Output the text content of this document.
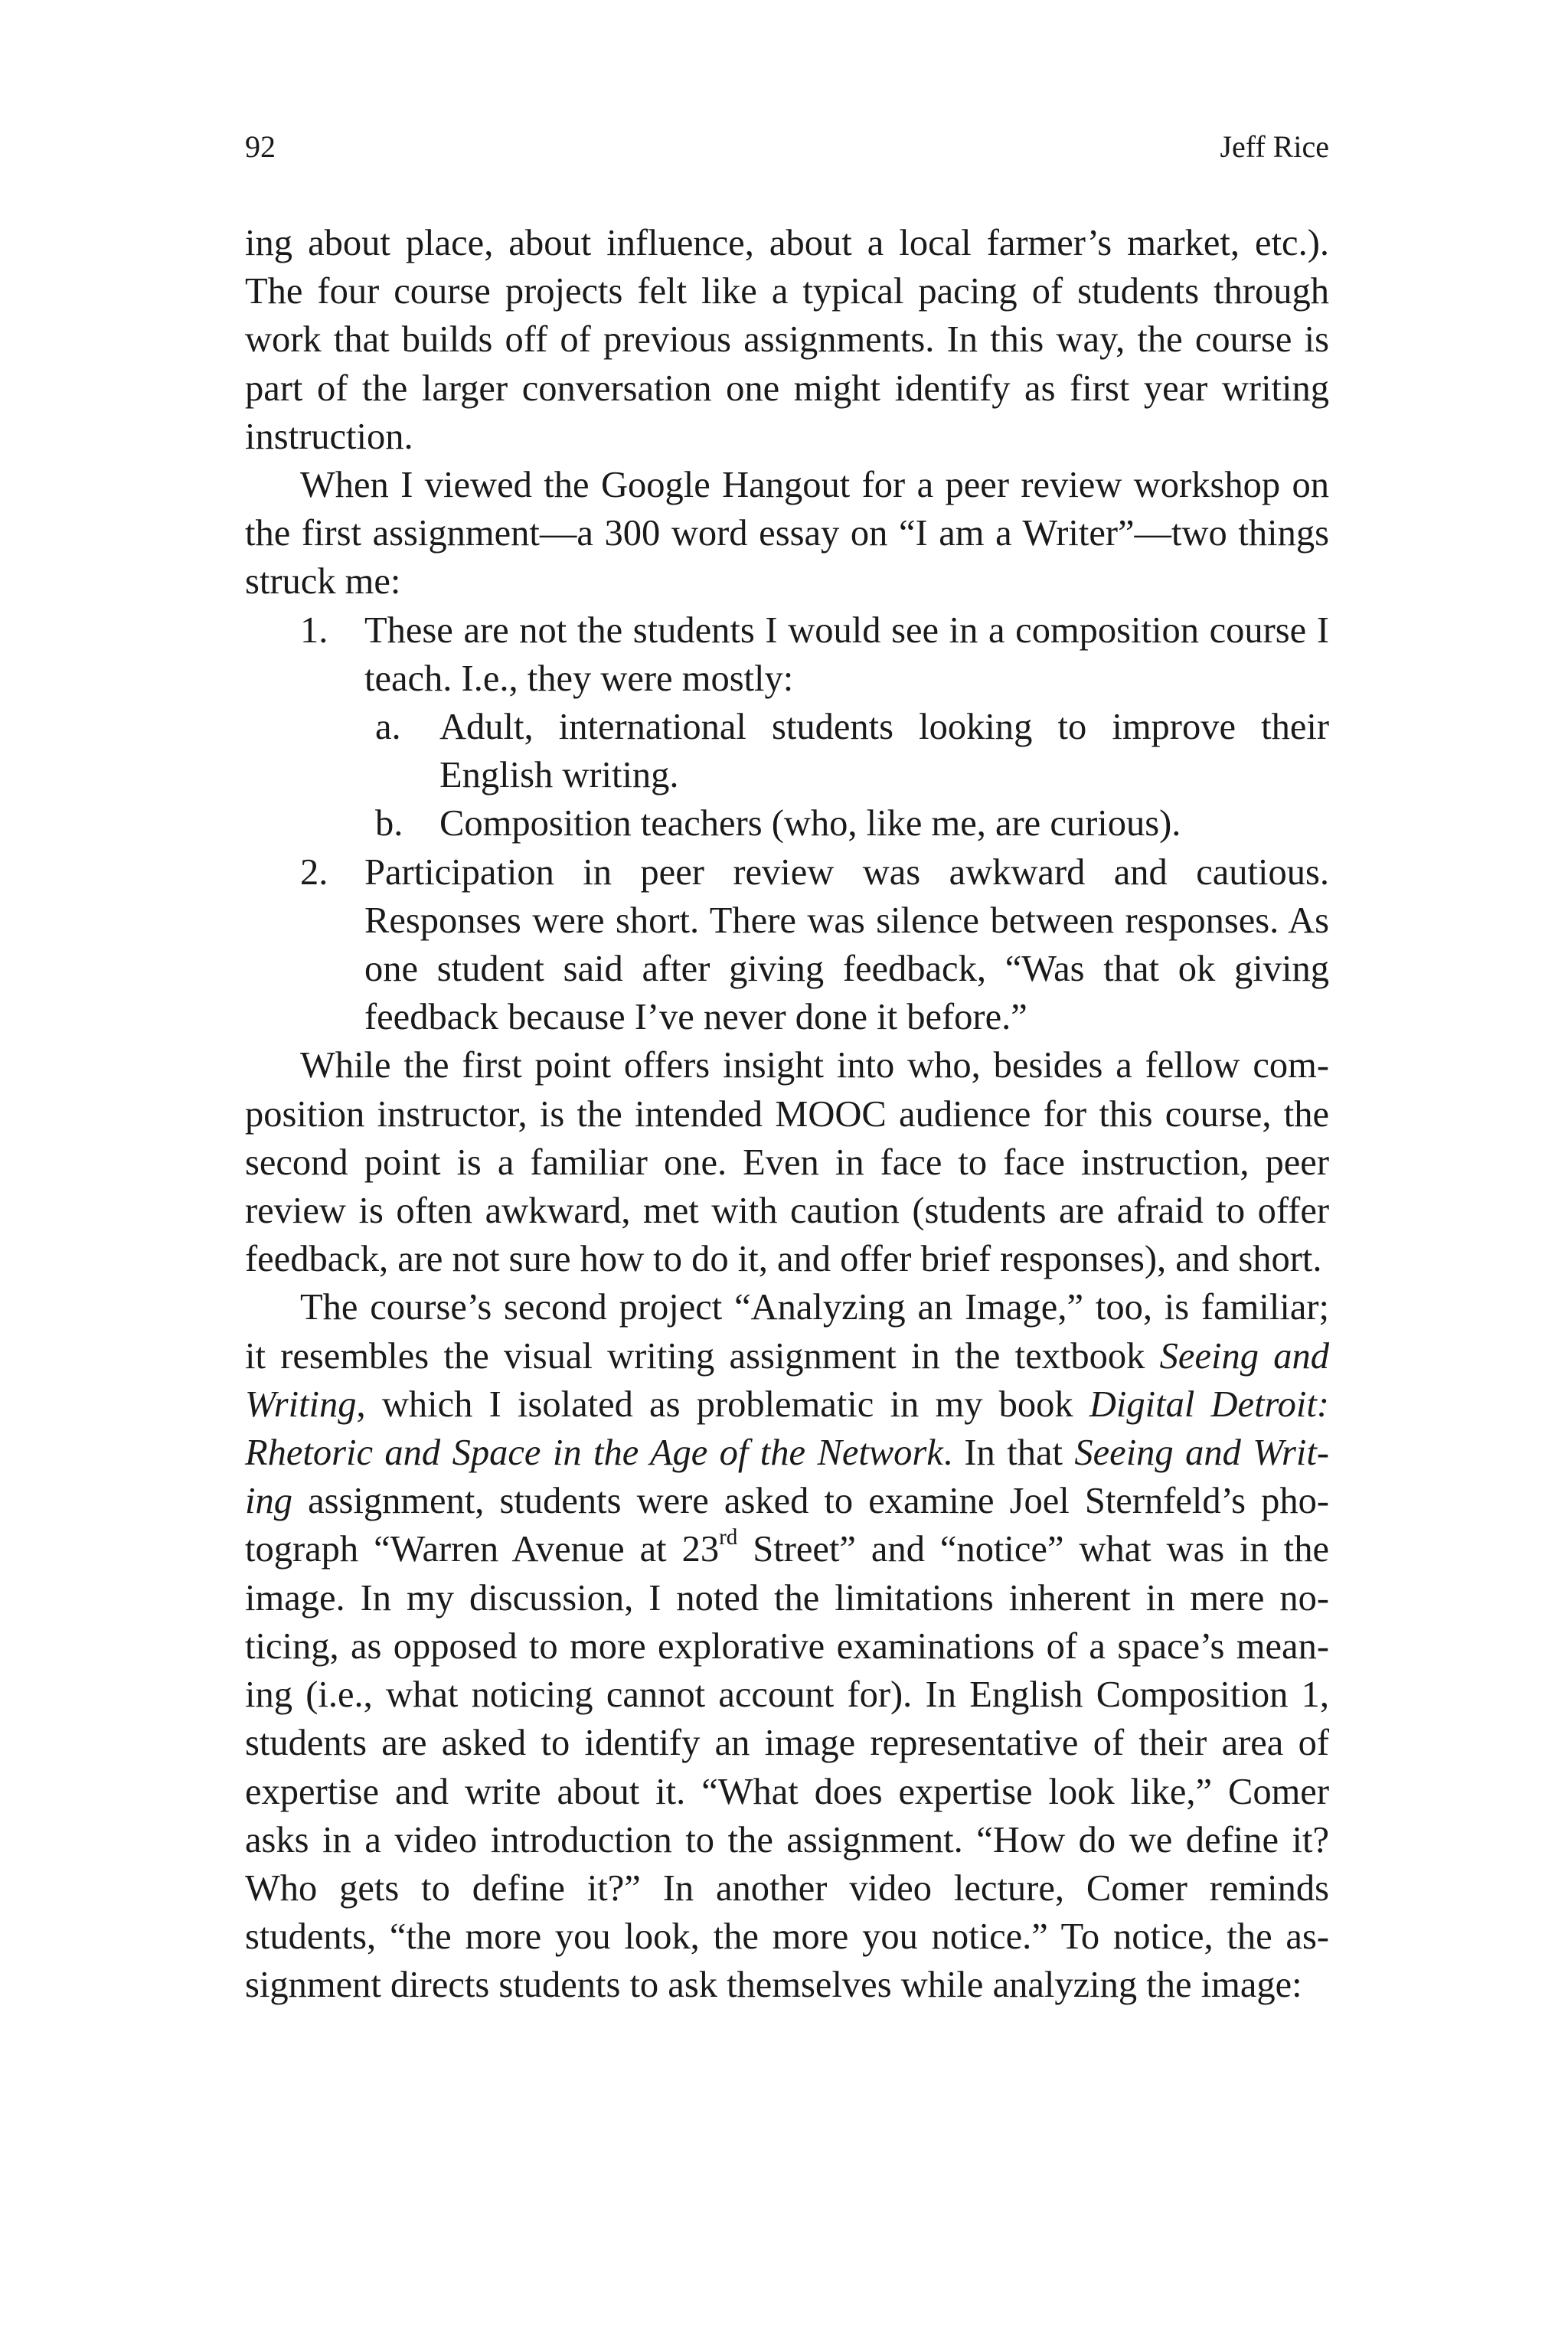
92	Jeff Rice

ing about place, about influence, about a local farmer’s market, etc.). The four course projects felt like a typical pacing of students through work that builds off of previous assignments. In this way, the course is part of the larger conversation one might identify as first year writing instruction.

When I viewed the Google Hangout for a peer review workshop on the first assignment—a 300 word essay on “I am a Writer”—two things struck me:

1. These are not the students I would see in a composition course I teach. I.e., they were mostly:
a. Adult, international students looking to improve their English writing.
b. Composition teachers (who, like me, are curious).
2. Participation in peer review was awkward and cautious. Responses were short. There was silence between responses. As one student said after giving feedback, “Was that ok giving feedback because I’ve never done it before.”

While the first point offers insight into who, besides a fellow composition instructor, is the intended MOOC audience for this course, the second point is a familiar one. Even in face to face instruction, peer review is often awkward, met with caution (students are afraid to offer feedback, are not sure how to do it, and offer brief responses), and short.

The course’s second project “Analyzing an Image,” too, is familiar; it resembles the visual writing assignment in the textbook Seeing and Writing, which I isolated as problematic in my book Digital Detroit: Rhetoric and Space in the Age of the Network. In that Seeing and Writing assignment, students were asked to examine Joel Sternfeld’s photograph “Warren Avenue at 23rd Street” and “notice” what was in the image. In my discussion, I noted the limitations inherent in mere noticing, as opposed to more explorative examinations of a space’s meaning (i.e., what noticing cannot account for). In English Composition 1, students are asked to identify an image representative of their area of expertise and write about it. “What does expertise look like,” Comer asks in a video introduction to the assignment. “How do we define it? Who gets to define it?” In another video lecture, Comer reminds students, “the more you look, the more you notice.” To notice, the assignment directs students to ask themselves while analyzing the image:
